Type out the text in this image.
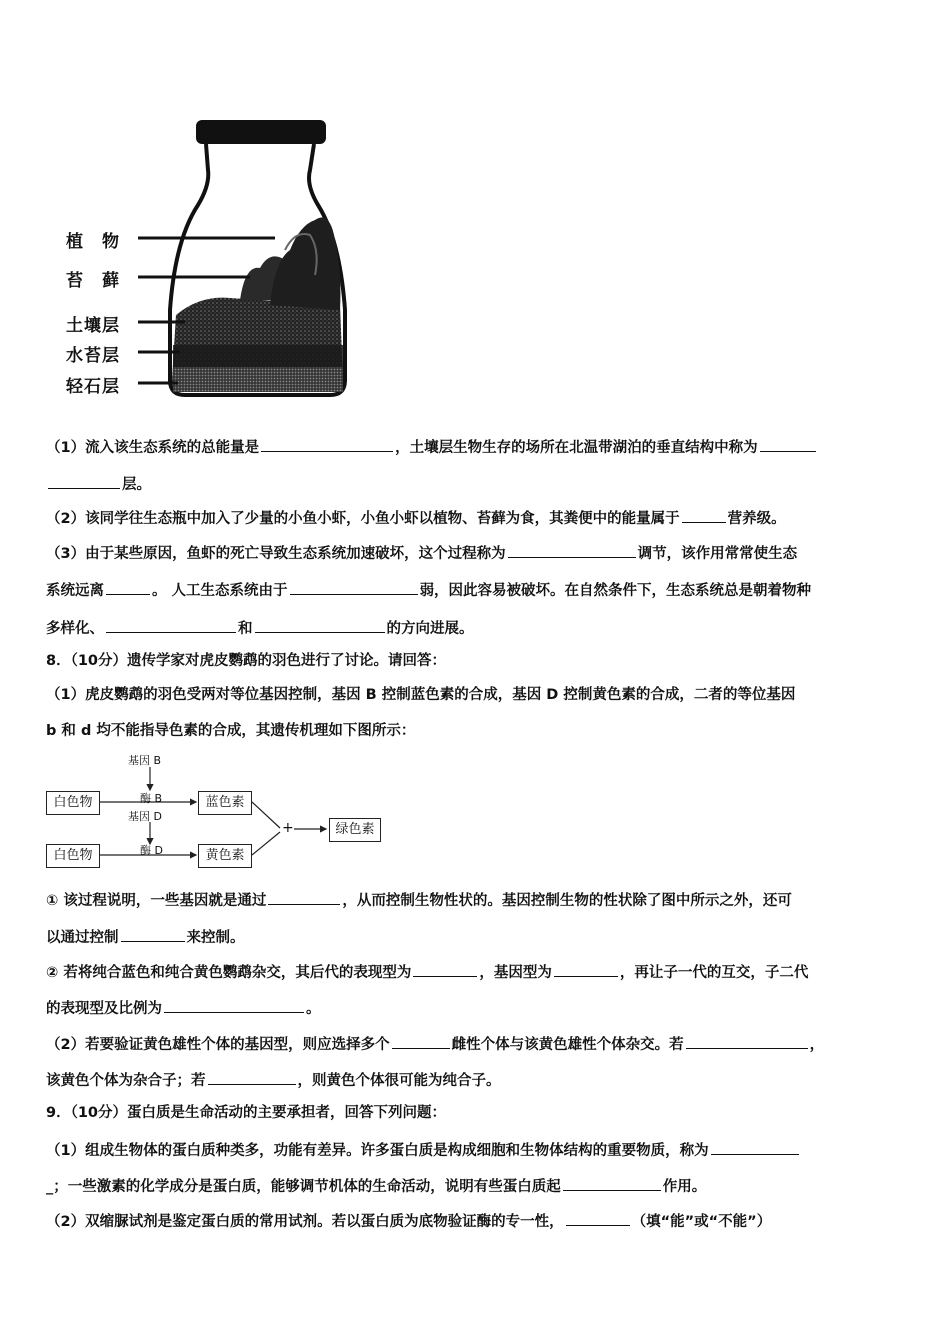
植　物
苔　藓
土壤层
水苔层
轻石层
（1）流入该生态系统的总能量是	，土壤层生物生存的场所在北温带湖泊的垂直结构中称为
层。
（2）该同学往生态瓶中加入了少量的小鱼小虾，小鱼小虾以植物、苔藓为食，其粪便中的能量属于	营养级。
（3）由于某些原因，鱼虾的死亡导致生态系统加速破坏，这个过程称为	调节，该作用常常使生态
系统远离	。 人工生态系统由于	弱，因此容易被破坏。在自然条件下，生态系统总是朝着物种
多样化、	和	的方向进展。
8．（10分）遗传学家对虎皮鹦鹉的羽色进行了讨论。请回答：
（1）虎皮鹦鹉的羽色受两对等位基因控制，基因 B 控制蓝色素的合成，基因 D 控制黄色素的合成，二者的等位基因
b 和 d 均不能指导色素的合成，其遗传机理如下图所示：
基因 B
酶 B
基因 D
酶 D
白色物
白色物
蓝色素
黄色素
+	绿色素
① 该过程说明，一些基因就是通过	，从而控制生物性状的。基因控制生物的性状除了图中所示之外，还可
以通过控制	来控制。
② 若将纯合蓝色和纯合黄色鹦鹉杂交，其后代的表现型为	，基因型为	，再让子一代的互交，子二代
的表现型及比例为	。
（2）若要验证黄色雄性个体的基因型，则应选择多个	雌性个体与该黄色雄性个体杂交。若	，
该黄色个体为杂合子；若	，则黄色个体很可能为纯合子。
9．（10分）蛋白质是生命活动的主要承担者，回答下列问题：
（1）组成生物体的蛋白质种类多，功能有差异。许多蛋白质是构成细胞和生物体结构的重要物质，称为
_；一些激素的化学成分是蛋白质，能够调节机体的生命活动，说明有些蛋白质起	作用。
（2）双缩脲试剂是鉴定蛋白质的常用试剂。若以蛋白质为底物验证酶的专一性，	（填“能”或“不能”）
